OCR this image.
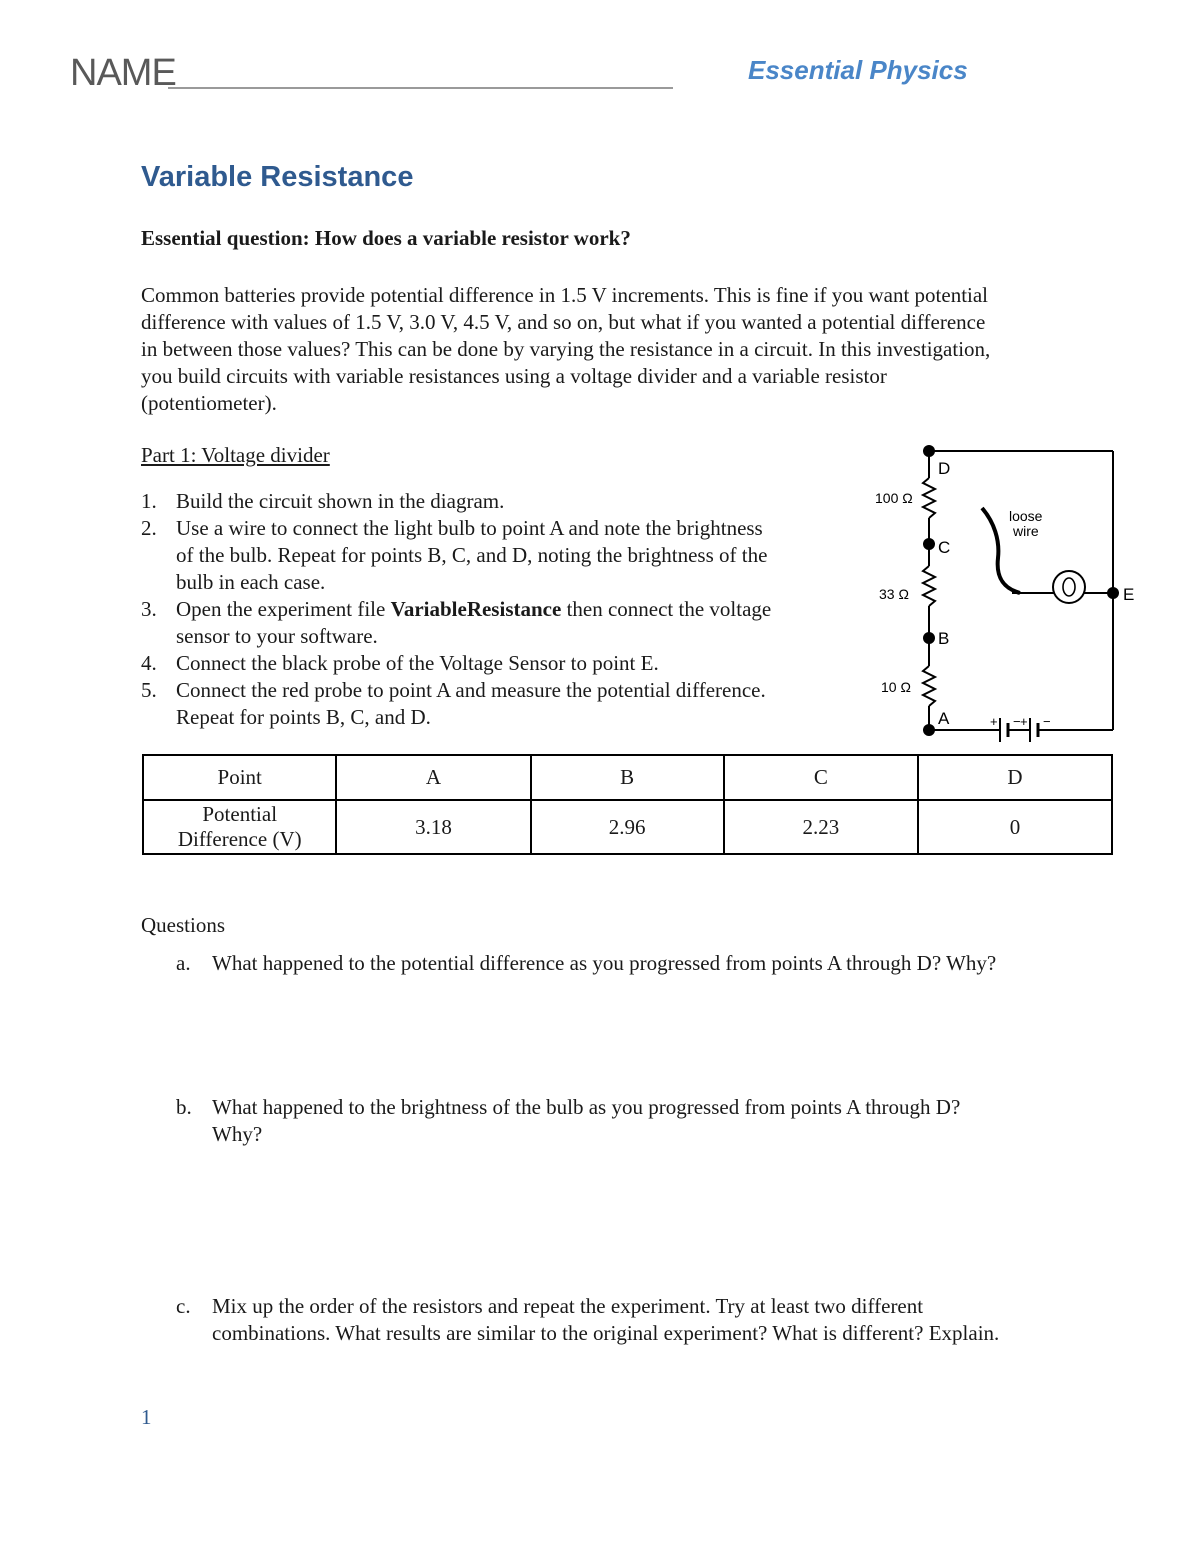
NAME	Essential Physics
Variable Resistance
Essential question: How does a variable resistor work?
Common batteries provide potential difference in 1.5 V increments. This is fine if you want potential
difference with values of 1.5 V, 3.0 V, 4.5 V, and so on, but what if you wanted a potential difference
in between those values? This can be done by varying the resistance in a circuit. In this investigation,
you build circuits with variable resistances using a voltage divider and a variable resistor
(potentiometer).
Part 1: Voltage divider
1. Build the circuit shown in the diagram.
2. Use a wire to connect the light bulb to point A and note the brightness
of the bulb. Repeat for points B, C, and D, noting the brightness of the
bulb in each case.
3. Open the experiment file VariableResistance then connect the voltage
sensor to your software.
4. Connect the black probe of the Voltage Sensor to point E.
5. Connect the red probe to point A and measure the potential difference.
Repeat for points B, C, and D.
100 Ω
33 Ω
10 Ω
D
C
B
A
E
loose
wire
+ − + −
Point	A	B	C	D

Potential
Difference (V)	3.18	2.96	2.23	0
Questions
a. What happened to the potential difference as you progressed from points A through D? Why?
b. What happened to the brightness of the bulb as you progressed from points A through D?
Why?
c. Mix up the order of the resistors and repeat the experiment. Try at least two different
combinations. What results are similar to the original experiment? What is different? Explain.
1
